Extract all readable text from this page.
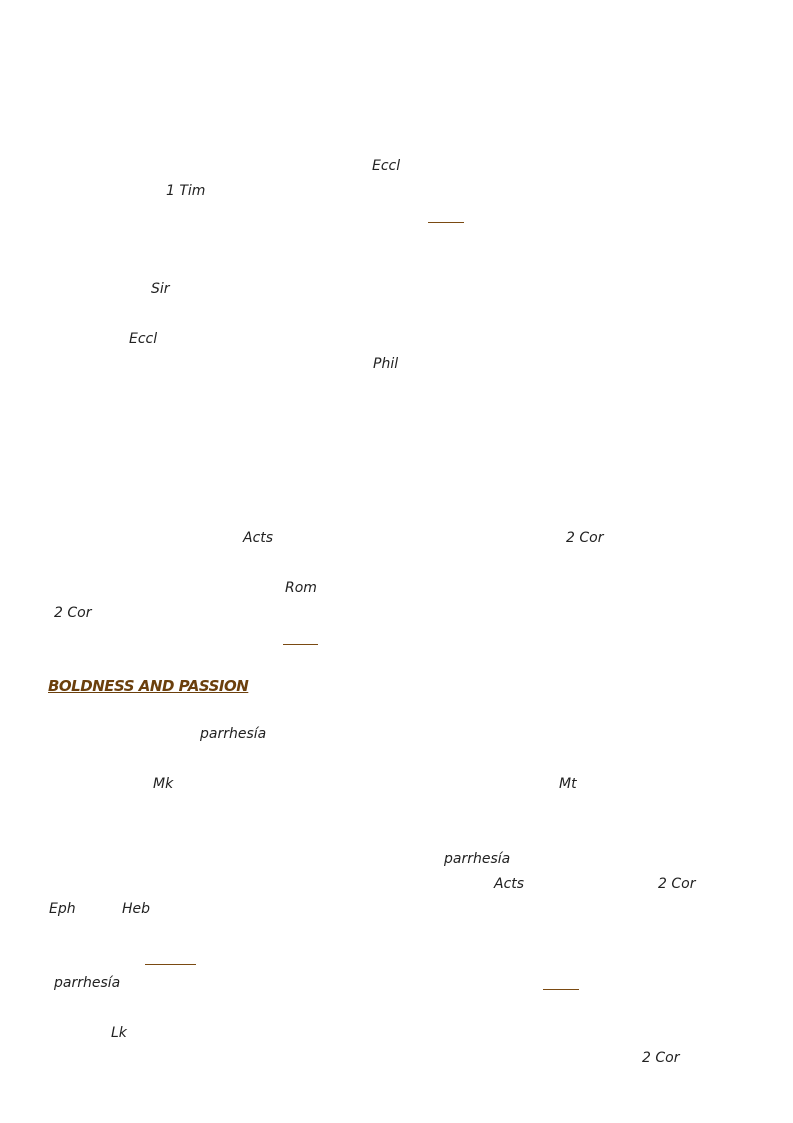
Eccl
1 Tim
Sir
Eccl
Phil
Acts	2 Cor
Rom
2 Cor
BOLDNESS AND PASSION
parrhesía
Mk	Mt
parrhesía
Acts	2 Cor
Eph	Heb
parrhesía
Lk
2 Cor
